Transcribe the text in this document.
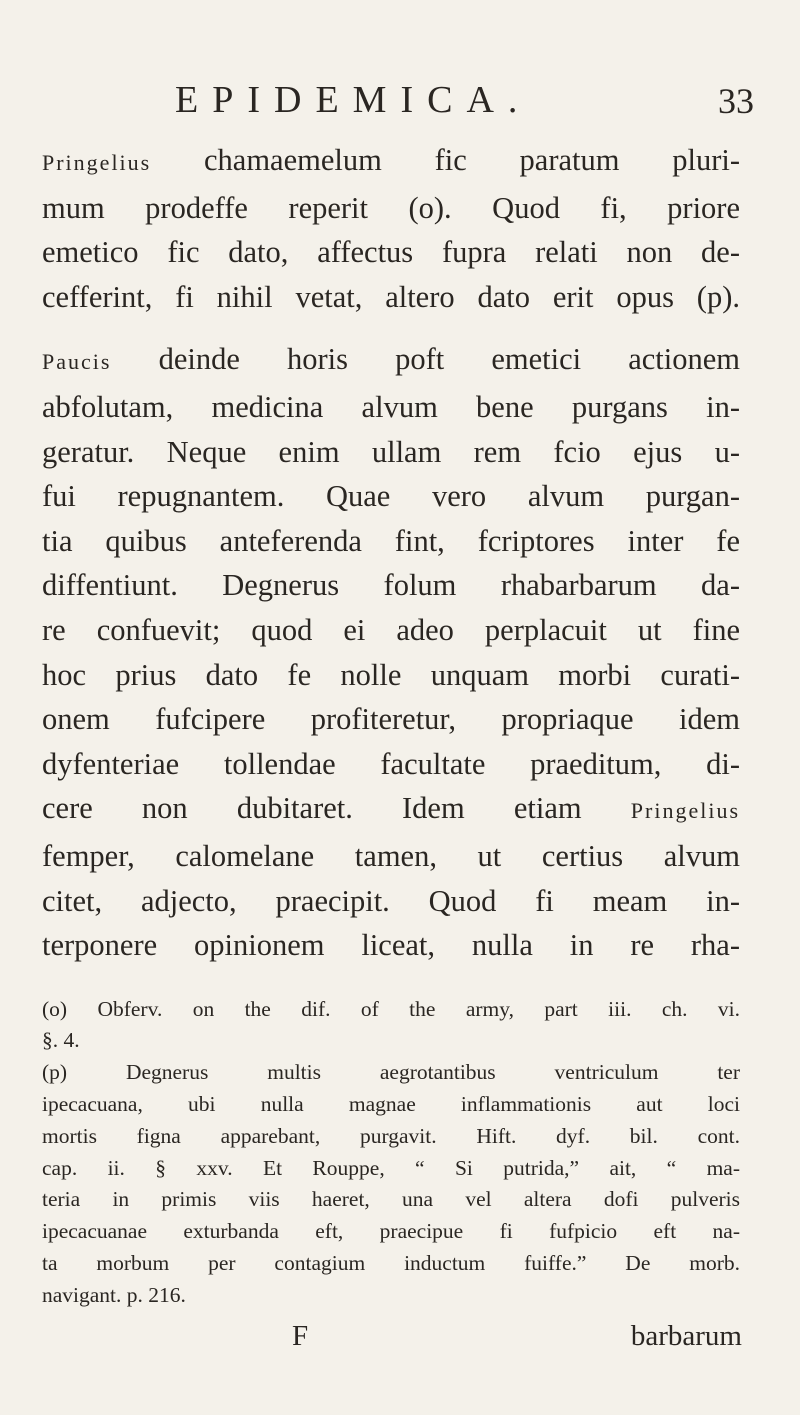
EPIDEMICA.	33
Pringelius chamaemelum fic paratum pluri-
mum prodeffe reperit (o). Quod fi, priore
emetico fic dato, affectus fupra relati non de-
cefferint, fi nihil vetat, altero dato erit opus (p).
Paucis deinde horis poft emetici actionem
abfolutam, medicina alvum bene purgans in-
geratur. Neque enim ullam rem fcio ejus u-
fui repugnantem. Quae vero alvum purgan-
tia quibus anteferenda fint, fcriptores inter fe
diffentiunt. Degnerus folum rhabarbarum da-
re confuevit; quod ei adeo perplacuit ut fine
hoc prius dato fe nolle unquam morbi curati-
onem fufcipere profiteretur, propriaque idem
dyfenteriae tollendae facultate praeditum, di-
cere non dubitaret. Idem etiam Pringelius
femper, calomelane tamen, ut certius alvum
citet, adjecto, praecipit. Quod fi meam in-
terponere opinionem liceat, nulla in re rha-
(o) Obferv. on the dif. of the army, part iii. ch. vi.
§. 4.
(p) Degnerus multis aegrotantibus ventriculum ter
ipecacuana, ubi nulla magnae inflammationis aut loci
mortis figna apparebant, purgavit. Hift. dyf. bil. cont.
cap. ii. § xxv. Et Rouppe, “ Si putrida,” ait, “ ma-
teria in primis viis haeret, una vel altera dofi pulveris
ipecacuanae exturbanda eft, praecipue fi fufpicio eft na-
ta morbum per contagium inductum fuiffe.” De morb.
navigant. p. 216.
F	barbarum
